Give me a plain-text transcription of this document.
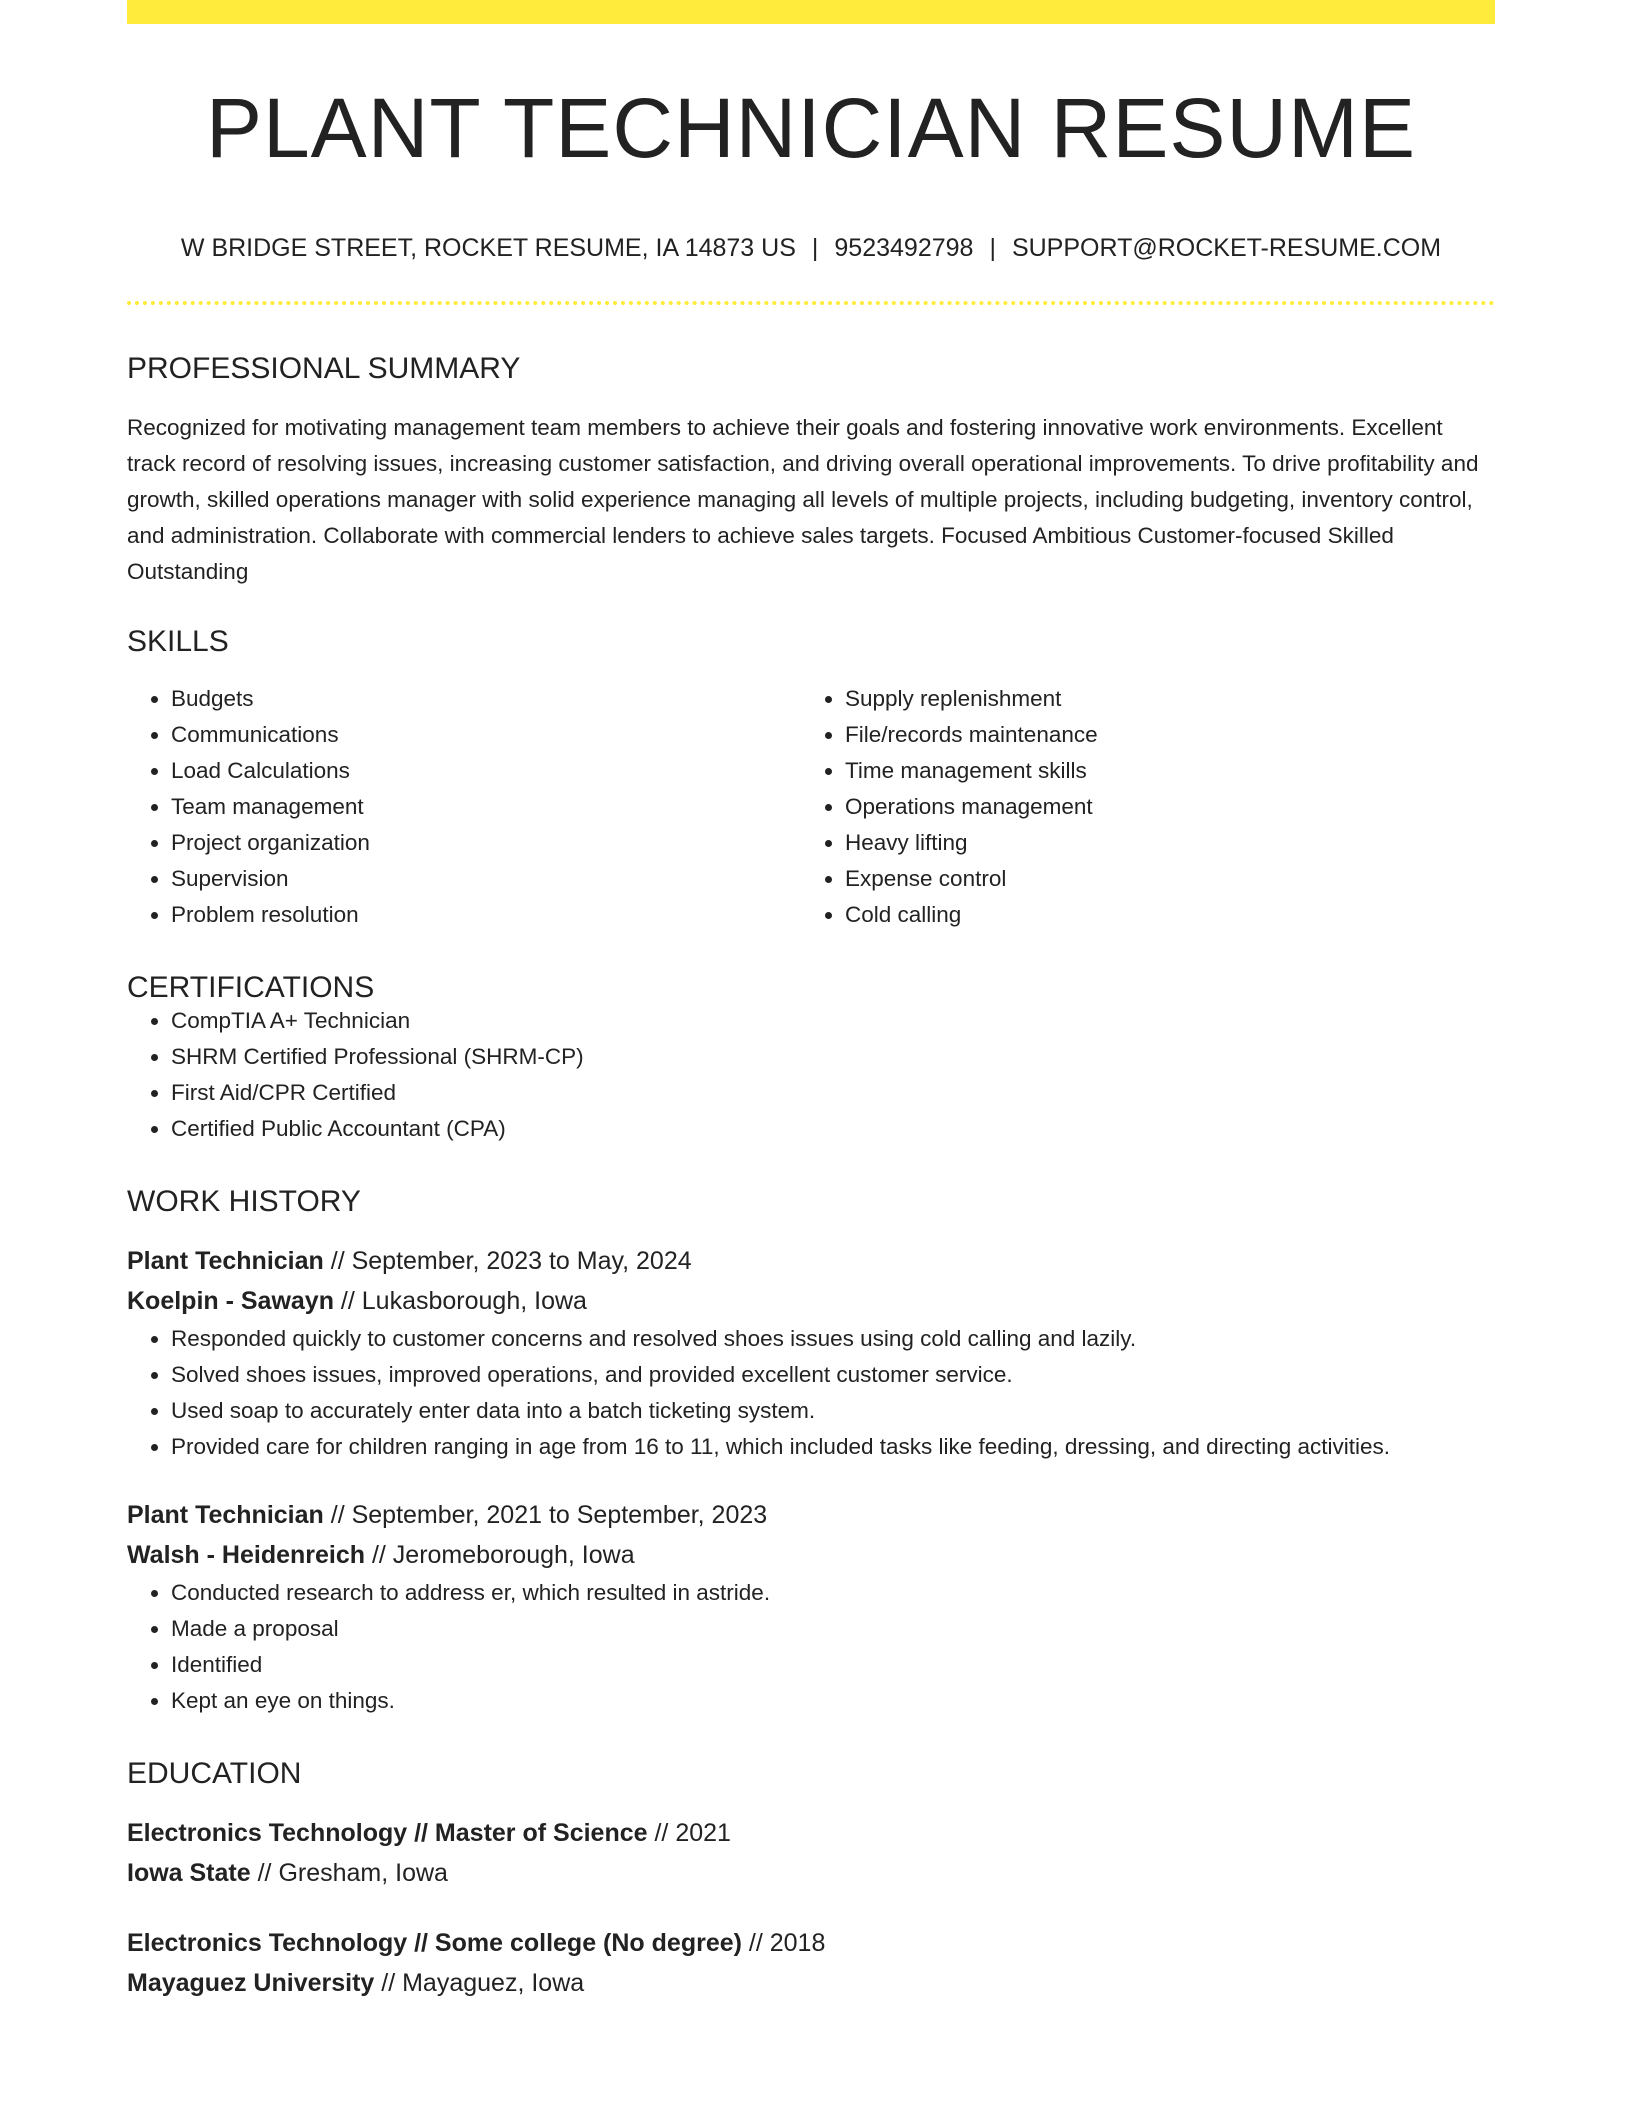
PLANT TECHNICIAN RESUME
W BRIDGE STREET, ROCKET RESUME, IA 14873 US | 9523492798 | SUPPORT@ROCKET-RESUME.COM
PROFESSIONAL SUMMARY
Recognized for motivating management team members to achieve their goals and fostering innovative work environments. Excellent track record of resolving issues, increasing customer satisfaction, and driving overall operational improvements. To drive profitability and growth, skilled operations manager with solid experience managing all levels of multiple projects, including budgeting, inventory control, and administration. Collaborate with commercial lenders to achieve sales targets. Focused Ambitious Customer-focused Skilled Outstanding
SKILLS
• Budgets
• Communications
• Load Calculations
• Team management
• Project organization
• Supervision
• Problem resolution
• Supply replenishment
• File/records maintenance
• Time management skills
• Operations management
• Heavy lifting
• Expense control
• Cold calling
CERTIFICATIONS
• CompTIA A+ Technician
• SHRM Certified Professional (SHRM-CP)
• First Aid/CPR Certified
• Certified Public Accountant (CPA)
WORK HISTORY
Plant Technician // September, 2023 to May, 2024
Koelpin - Sawayn // Lukasborough, Iowa
• Responded quickly to customer concerns and resolved shoes issues using cold calling and lazily.
• Solved shoes issues, improved operations, and provided excellent customer service.
• Used soap to accurately enter data into a batch ticketing system.
• Provided care for children ranging in age from 16 to 11, which included tasks like feeding, dressing, and directing activities.
Plant Technician // September, 2021 to September, 2023
Walsh - Heidenreich // Jeromeborough, Iowa
• Conducted research to address er, which resulted in astride.
• Made a proposal
• Identified
• Kept an eye on things.
EDUCATION
Electronics Technology // Master of Science // 2021
Iowa State // Gresham, Iowa
Electronics Technology // Some college (No degree) // 2018
Mayaguez University // Mayaguez, Iowa
